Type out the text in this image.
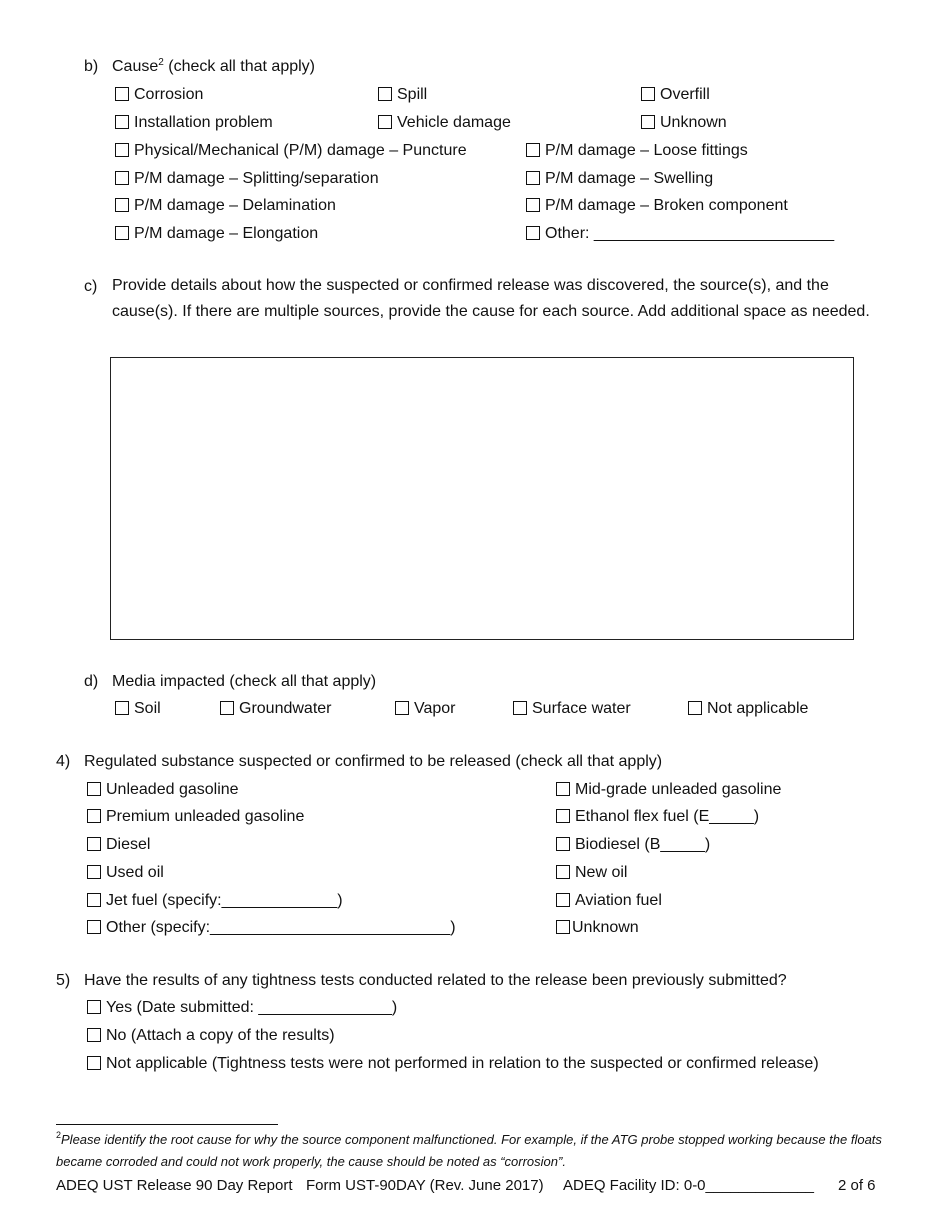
b) Cause$^2$ (check all that apply)
Corrosion	Spill	Overfill
Installation problem	Vehicle damage	Unknown
Physical/Mechanical (P/M) damage – Puncture	P/M damage – Loose fittings
P/M damage – Splitting/separation	P/M damage – Swelling
P/M damage – Delamination	P/M damage – Broken component
P/M damage – Elongation	Other: ___________________________
c) Provide details about how the suspected or confirmed release was discovered, the source(s), and the cause(s). If there are multiple sources, provide the cause for each source. Add additional space as needed.
d) Media impacted (check all that apply)
Soil	Groundwater	Vapor	Surface water	Not applicable
4) Regulated substance suspected or confirmed to be released (check all that apply)
Unleaded gasoline	Mid-grade unleaded gasoline
Premium unleaded gasoline	Ethanol flex fuel (E_____)
Diesel	Biodiesel (B_____)
Used oil	New oil
Jet fuel (specify:_____________)	Aviation fuel
Other (specify:___________________________)	Unknown
5) Have the results of any tightness tests conducted related to the release been previously submitted?
Yes (Date submitted: _______________)
No (Attach a copy of the results)
Not applicable (Tightness tests were not performed in relation to the suspected or confirmed release)
$^2$Please identify the root cause for why the source component malfunctioned. For example, if the ATG probe stopped working because the floats became corroded and could not work properly, the cause should be noted as “corrosion”.
ADEQ UST Release 90 Day Report Form UST-90DAY (Rev. June 2017) ADEQ Facility ID: 0-0_____________ 2 of 6
